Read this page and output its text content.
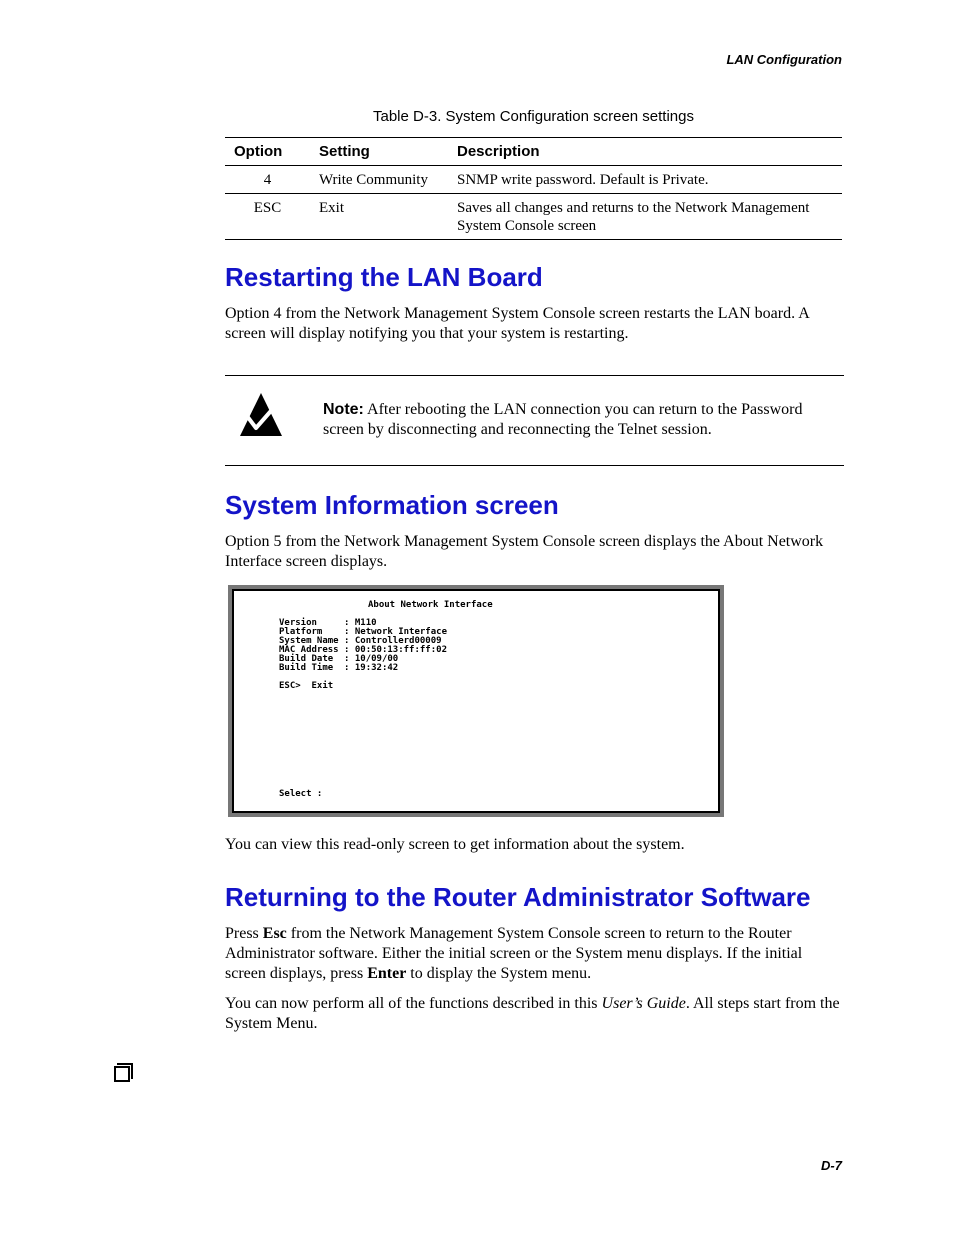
LAN Configuration
Table D-3. System Configuration screen settings
Option	Setting	Description
4	Write Community	SNMP write password. Default is Private.
ESC	Exit	Saves all changes and returns to the Network Management System Console screen
Restarting the LAN Board

Option 4 from the Network Management System Console screen restarts the LAN board. A screen will display notifying you that your system is restarting.

Note: After rebooting the LAN connection you can return to the Password screen by disconnecting and reconnecting the Telnet session.

System Information screen

Option 5 from the Network Management System Console screen displays the About Network Interface screen displays.

About Network Interface
Version     : M110
Platform    : Network Interface
System Name : Controllerd00009
MAC Address : 00:50:13:ff:ff:02
Build Date  : 10/09/00
Build Time  : 19:32:42
ESC>  Exit
Select :

You can view this read-only screen to get information about the system.

Returning to the Router Administrator Software

Press Esc from the Network Management System Console screen to return to the Router Administrator software. Either the initial screen or the System menu displays. If the initial screen displays, press Enter to display the System menu.

You can now perform all of the functions described in this User’s Guide. All steps start from the System Menu.

D-7
